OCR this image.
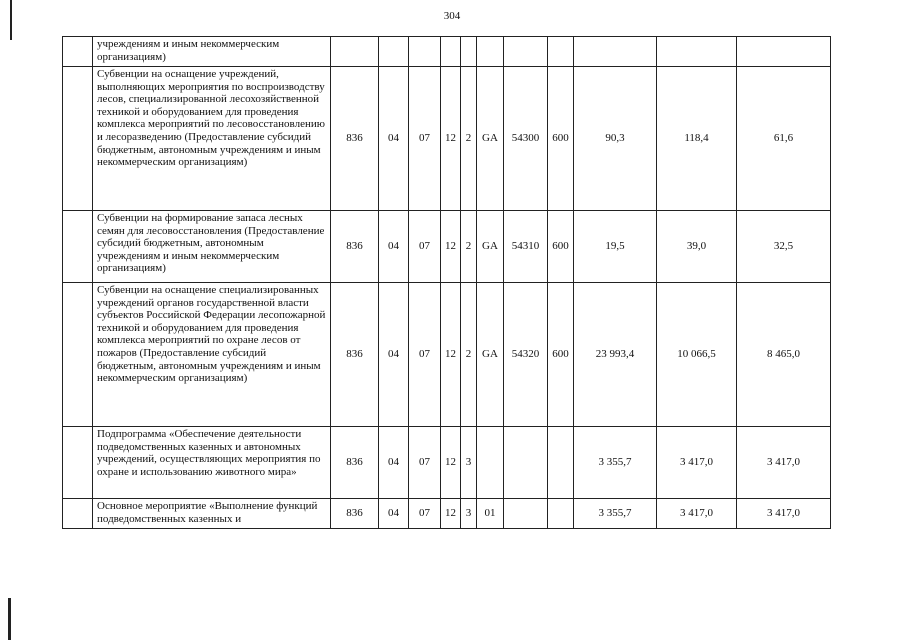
304
	учреждениям и иным некоммерческим организациям)											
	Субвенции на оснащение учреждений, выполняющих мероприятия по воспроизводству лесов, специализированной лесохозяйственной техникой и оборудованием для проведения комплекса мероприятий по лесовосстановлению и лесоразведению (Предоставление субсидий бюджетным, автономным учреждениям и иным некоммерческим организациям)	836	04	07	12	2	GA	54300	600	90,3	118,4	61,6
	Субвенции на формирование запаса лесных семян для лесовосстановления (Предоставление субсидий бюджетным, автономным учреждениям и иным некоммерческим организациям)	836	04	07	12	2	GA	54310	600	19,5	39,0	32,5
	Субвенции на оснащение специализированных учреждений органов государственной власти субъектов Российской Федерации лесопожарной техникой и оборудованием для проведения комплекса мероприятий по охране лесов от пожаров (Предоставление субсидий бюджетным, автономным учреждениям и иным некоммерческим организациям)	836	04	07	12	2	GA	54320	600	23 993,4	10 066,5	8 465,0
	Подпрограмма «Обеспечение деятельности подведомственных казенных и автономных учреждений, осуществляющих мероприятия по охране и использованию животного мира»	836	04	07	12	3				3 355,7	3 417,0	3 417,0
	Основное мероприятие «Выполнение функций подведомственных казенных и	836	04	07	12	3	01			3 355,7	3 417,0	3 417,0
